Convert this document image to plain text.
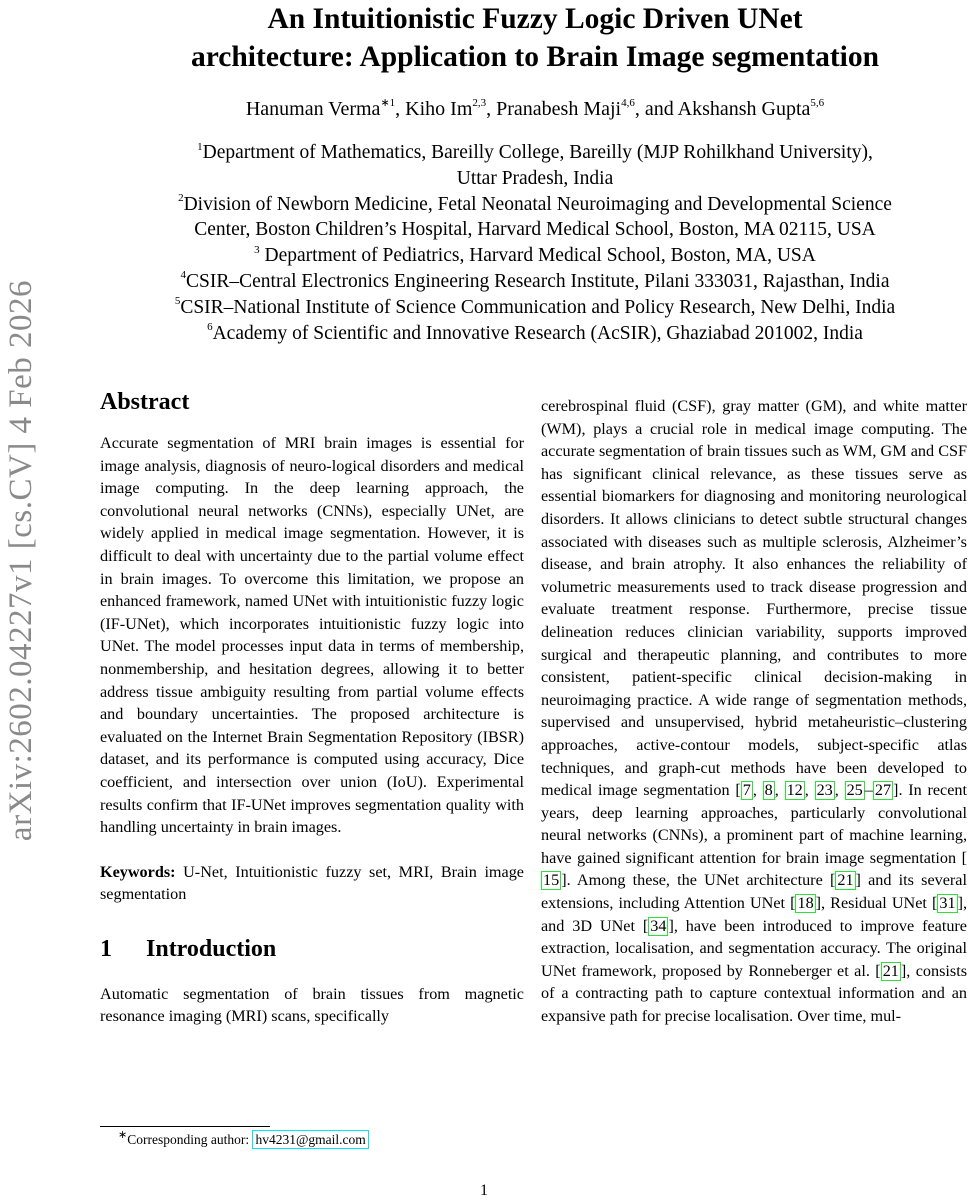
arXiv:2602.04227v1 [cs.CV] 4 Feb 2026
An Intuitionistic Fuzzy Logic Driven UNet
architecture: Application to Brain Image segmentation
Hanuman Verma$^{∗1}$, Kiho Im$^{2,3}$, Pranabesh Maji$^{4,6}$, and Akshansh Gupta$^{5,6}$
$^1$Department of Mathematics, Bareilly College, Bareilly (MJP Rohilkhand University),
Uttar Pradesh, India
$^2$Division of Newborn Medicine, Fetal Neonatal Neuroimaging and Developmental Science
Center, Boston Children’s Hospital, Harvard Medical School, Boston, MA 02115, USA
$^3$ Department of Pediatrics, Harvard Medical School, Boston, MA, USA
$^4$CSIR–Central Electronics Engineering Research Institute, Pilani 333031, Rajasthan, India
$^5$CSIR–National Institute of Science Communication and Policy Research, New Delhi, India
$^6$Academy of Scientific and Innovative Research (AcSIR), Ghaziabad 201002, India
Abstract

Accurate segmentation of MRI brain images is essential for image analysis, diagnosis of neuro-logical disorders and medical image computing. In the deep learning approach, the convolutional neural networks (CNNs), especially UNet, are widely applied in medical image segmentation. However, it is difficult to deal with uncertainty due to the partial volume effect in brain images. To overcome this limitation, we propose an enhanced framework, named UNet with intuitionistic fuzzy logic (IF-UNet), which incorporates intuitionistic fuzzy logic into UNet. The model processes input data in terms of membership, nonmembership, and hesitation degrees, allowing it to better address tissue ambiguity resulting from partial volume effects and boundary uncertainties. The proposed architecture is evaluated on the Internet Brain Segmentation Repository (IBSR) dataset, and its performance is computed using accuracy, Dice coefficient, and intersection over union (IoU). Experimental results confirm that IF-UNet improves segmentation quality with handling uncertainty in brain images.

Keywords: U-Net, Intuitionistic fuzzy set, MRI, Brain image segmentation

1 Introduction

Automatic segmentation of brain tissues from magnetic resonance imaging (MRI) scans, specifically

cerebrospinal fluid (CSF), gray matter (GM), and white matter (WM), plays a crucial role in medical image computing. The accurate segmentation of brain tissues such as WM, GM and CSF has significant clinical relevance, as these tissues serve as essential biomarkers for diagnosing and monitoring neurological disorders. It allows clinicians to detect subtle structural changes associated with diseases such as multiple sclerosis, Alzheimer’s disease, and brain atrophy. It also enhances the reliability of volumetric measurements used to track disease progression and evaluate treatment response. Furthermore, precise tissue delineation reduces clinician variability, supports improved surgical and therapeutic planning, and contributes to more consistent, patient-specific clinical decision-making in neuroimaging practice. A wide range of segmentation methods, supervised and unsupervised, hybrid metaheuristic–clustering approaches, active-contour models, subject-specific atlas techniques, and graph-cut methods have been developed to medical image segmentation [ 7 , 8 , 12 , 23 , 25 – 27 ]. In recent years, deep learning approaches, particularly convolutional neural networks (CNNs), a prominent part of machine learning, have gained significant attention for brain image segmentation [15 ]. Among these, the UNet architecture [ 21 ] and its several extensions, including Attention UNet [ 18 ], Residual UNet [ 31 ], and 3D UNet [ 34 ], have been introduced to improve feature extraction, localisation, and segmentation accuracy. The original UNet framework, proposed by Ronneberger et al. [ 21 ], consists of a contracting path to capture contextual information and an expansive path for precise localisation. Over time, mul-

∗Corresponding author: hv4231@gmail.com
1
